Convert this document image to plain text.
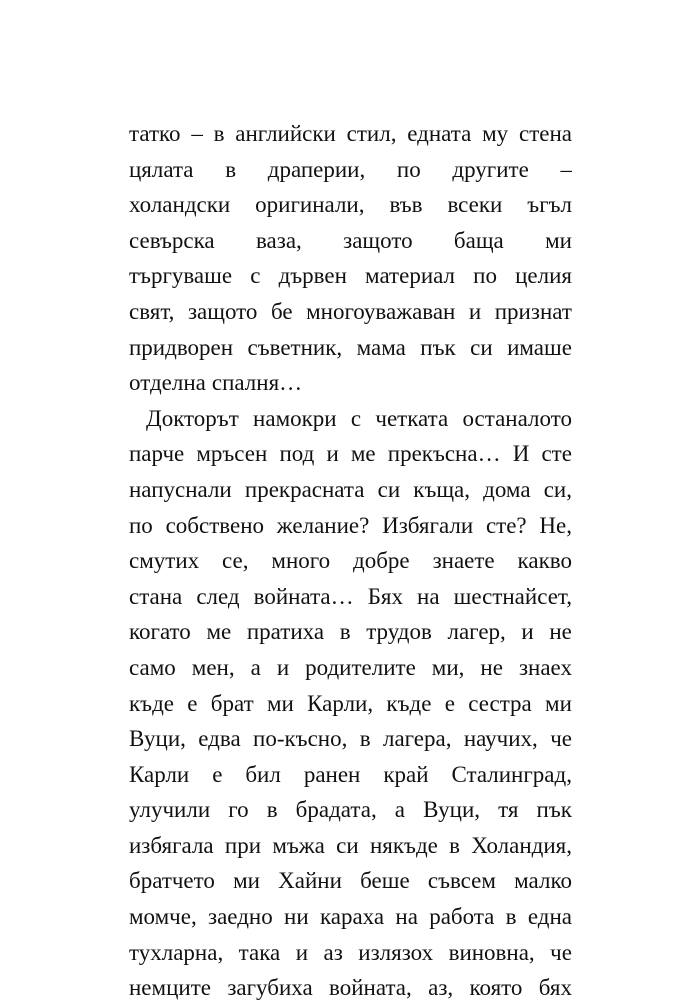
татко – в английски стил, едната му стена
цялата в драперии, по другите –
холандски оригинали, във всеки ъгъл
севърска ваза, защото баща ми
търгуваше с дървен материал по целия
свят, защото бе многоуважаван и признат
придворен съветник, мама пък си имаше
отделна спалня…
Докторът намокри с четката останалото
парче мръсен под и ме прекъсна… И сте
напуснали прекрасната си къща, дома си,
по собствено желание? Избягали сте? Не,
смутих се, много добре знаете какво
стана след войната… Бях на шестнайсет,
когато ме пратиха в трудов лагер, и не
само мен, а и родителите ми, не знаех
къде е брат ми Карли, къде е сестра ми
Вуци, едва по-късно, в лагера, научих, че
Карли е бил ранен край Сталинград,
улучили го в брадата, а Вуци, тя пък
избягала при мъжа си някъде в Холандия,
братчето ми Хайни беше съвсем малко
момче, заедно ни караха на работа в една
тухларна, така и аз излязох виновна, че
немците загубиха войната, аз, която бях
